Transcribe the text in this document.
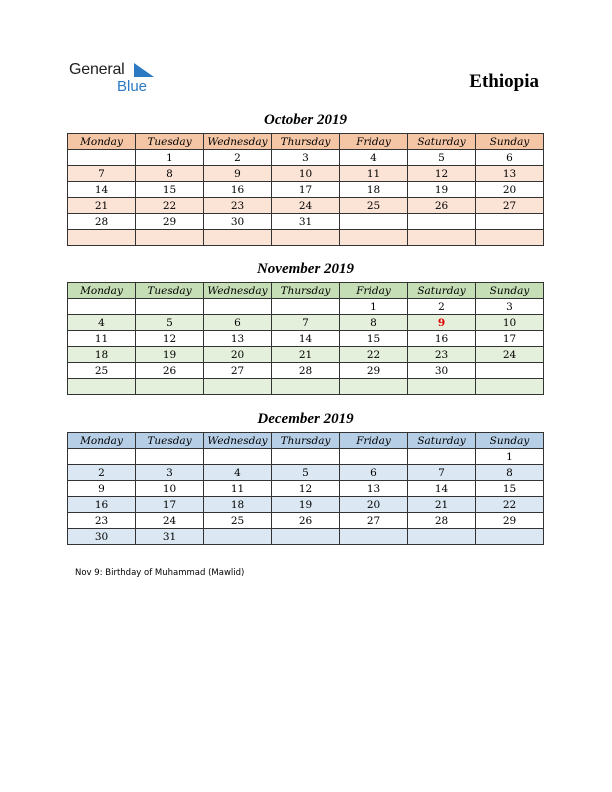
General
Blue	Ethiopia
October 2019
Monday	Tuesday	Wednesday	Thursday	Friday	Saturday	Sunday
	1	2	3	4	5	6
7	8	9	10	11	12	13
14	15	16	17	18	19	20
21	22	23	24	25	26	27
28	29	30	31			

November 2019
Monday	Tuesday	Wednesday	Thursday	Friday	Saturday	Sunday
				1	2	3
4	5	6	7	8	9	10
11	12	13	14	15	16	17
18	19	20	21	22	23	24
25	26	27	28	29	30	

December 2019
Monday	Tuesday	Wednesday	Thursday	Friday	Saturday	Sunday
						1
2	3	4	5	6	7	8
9	10	11	12	13	14	15
16	17	18	19	20	21	22
23	24	25	26	27	28	29
30	31					
Nov 9: Birthday of Muhammad (Mawlid)
